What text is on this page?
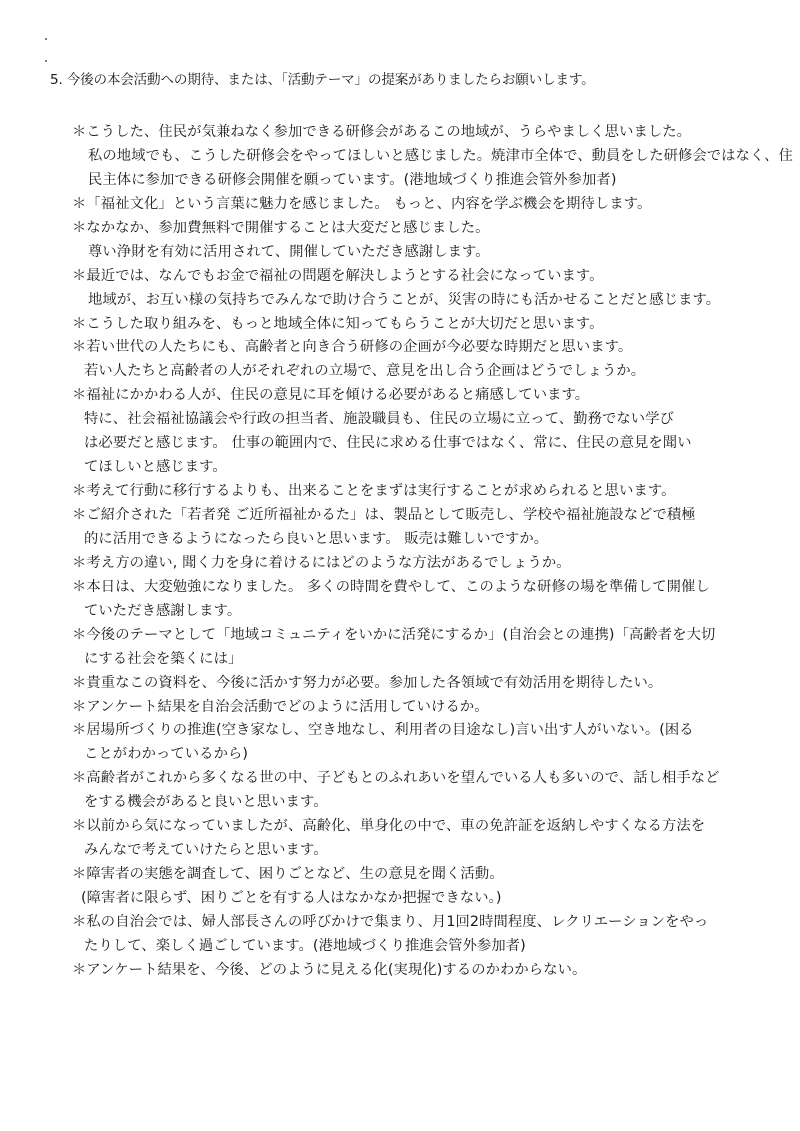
5. 今後の本会活動への期待、または、「活動テーマ」の提案がありましたらお願いします。
＊こうした、住民が気兼ねなく参加できる研修会があるこの地域が、うらやましく思いました。
私の地域でも、こうした研修会をやってほしいと感じました。焼津市全体で、動員をした研修会ではなく、住
民主体に参加できる研修会開催を願っています。(港地域づくり推進会管外参加者)
＊「福祉文化」という言葉に魅力を感じました。 もっと、内容を学ぶ機会を期待します。
＊なかなか、参加費無料で開催することは大変だと感じました。
尊い浄財を有効に活用されて、開催していただき感謝します。
＊最近では、なんでもお金で福祉の問題を解決しようとする社会になっています。
地域が、お互い様の気持ちでみんなで助け合うことが、災害の時にも活かせることだと感じます。
＊こうした取り組みを、もっと地域全体に知ってもらうことが大切だと思います。
＊若い世代の人たちにも、高齢者と向き合う研修の企画が今必要な時期だと思います。
若い人たちと高齢者の人がそれぞれの立場で、意見を出し合う企画はどうでしょうか。
＊福祉にかかわる人が、住民の意見に耳を傾ける必要があると痛感しています。
特に、社会福祉協議会や行政の担当者、施設職員も、住民の立場に立って、勤務でない学び
は必要だと感じます。 仕事の範囲内で、住民に求める仕事ではなく、常に、住民の意見を聞い
てほしいと感じます。
＊考えて行動に移行するよりも、出来ることをまずは実行することが求められると思います。
＊ご紹介された「若者発 ご近所福祉かるた」は、製品として販売し、学校や福祉施設などで積極
的に活用できるようになったら良いと思います。 販売は難しいですか。
＊考え方の違い, 聞く力を身に着けるにはどのような方法があるでしょうか。
＊本日は、大変勉強になりました。 多くの時間を費やして、このような研修の場を準備して開催し
ていただき感謝します。
＊今後のテーマとして「地域コミュニティをいかに活発にするか」(自治会との連携)「高齢者を大切
にする社会を築くには」
＊貴重なこの資料を、今後に活かす努力が必要。参加した各領域で有効活用を期待したい。
＊アンケート結果を自治会活動でどのように活用していけるか。
＊居場所づくりの推進(空き家なし、空き地なし、利用者の目途なし)言い出す人がいない。(困る
ことがわかっているから)
＊高齢者がこれから多くなる世の中、子どもとのふれあいを望んでいる人も多いので、話し相手など
をする機会があると良いと思います。
＊以前から気になっていましたが、高齢化、単身化の中で、車の免許証を返納しやすくなる方法を
みんなで考えていけたらと思います。
＊障害者の実態を調査して、困りごとなど、生の意見を聞く活動。
(障害者に限らず、困りごとを有する人はなかなか把握できない。)
＊私の自治会では、婦人部長さんの呼びかけで集まり、月1回2時間程度、レクリエーションをやっ
たりして、楽しく過ごしています。(港地域づくり推進会管外参加者)
＊アンケート結果を、今後、どのように見える化(実現化)するのかわからない。
